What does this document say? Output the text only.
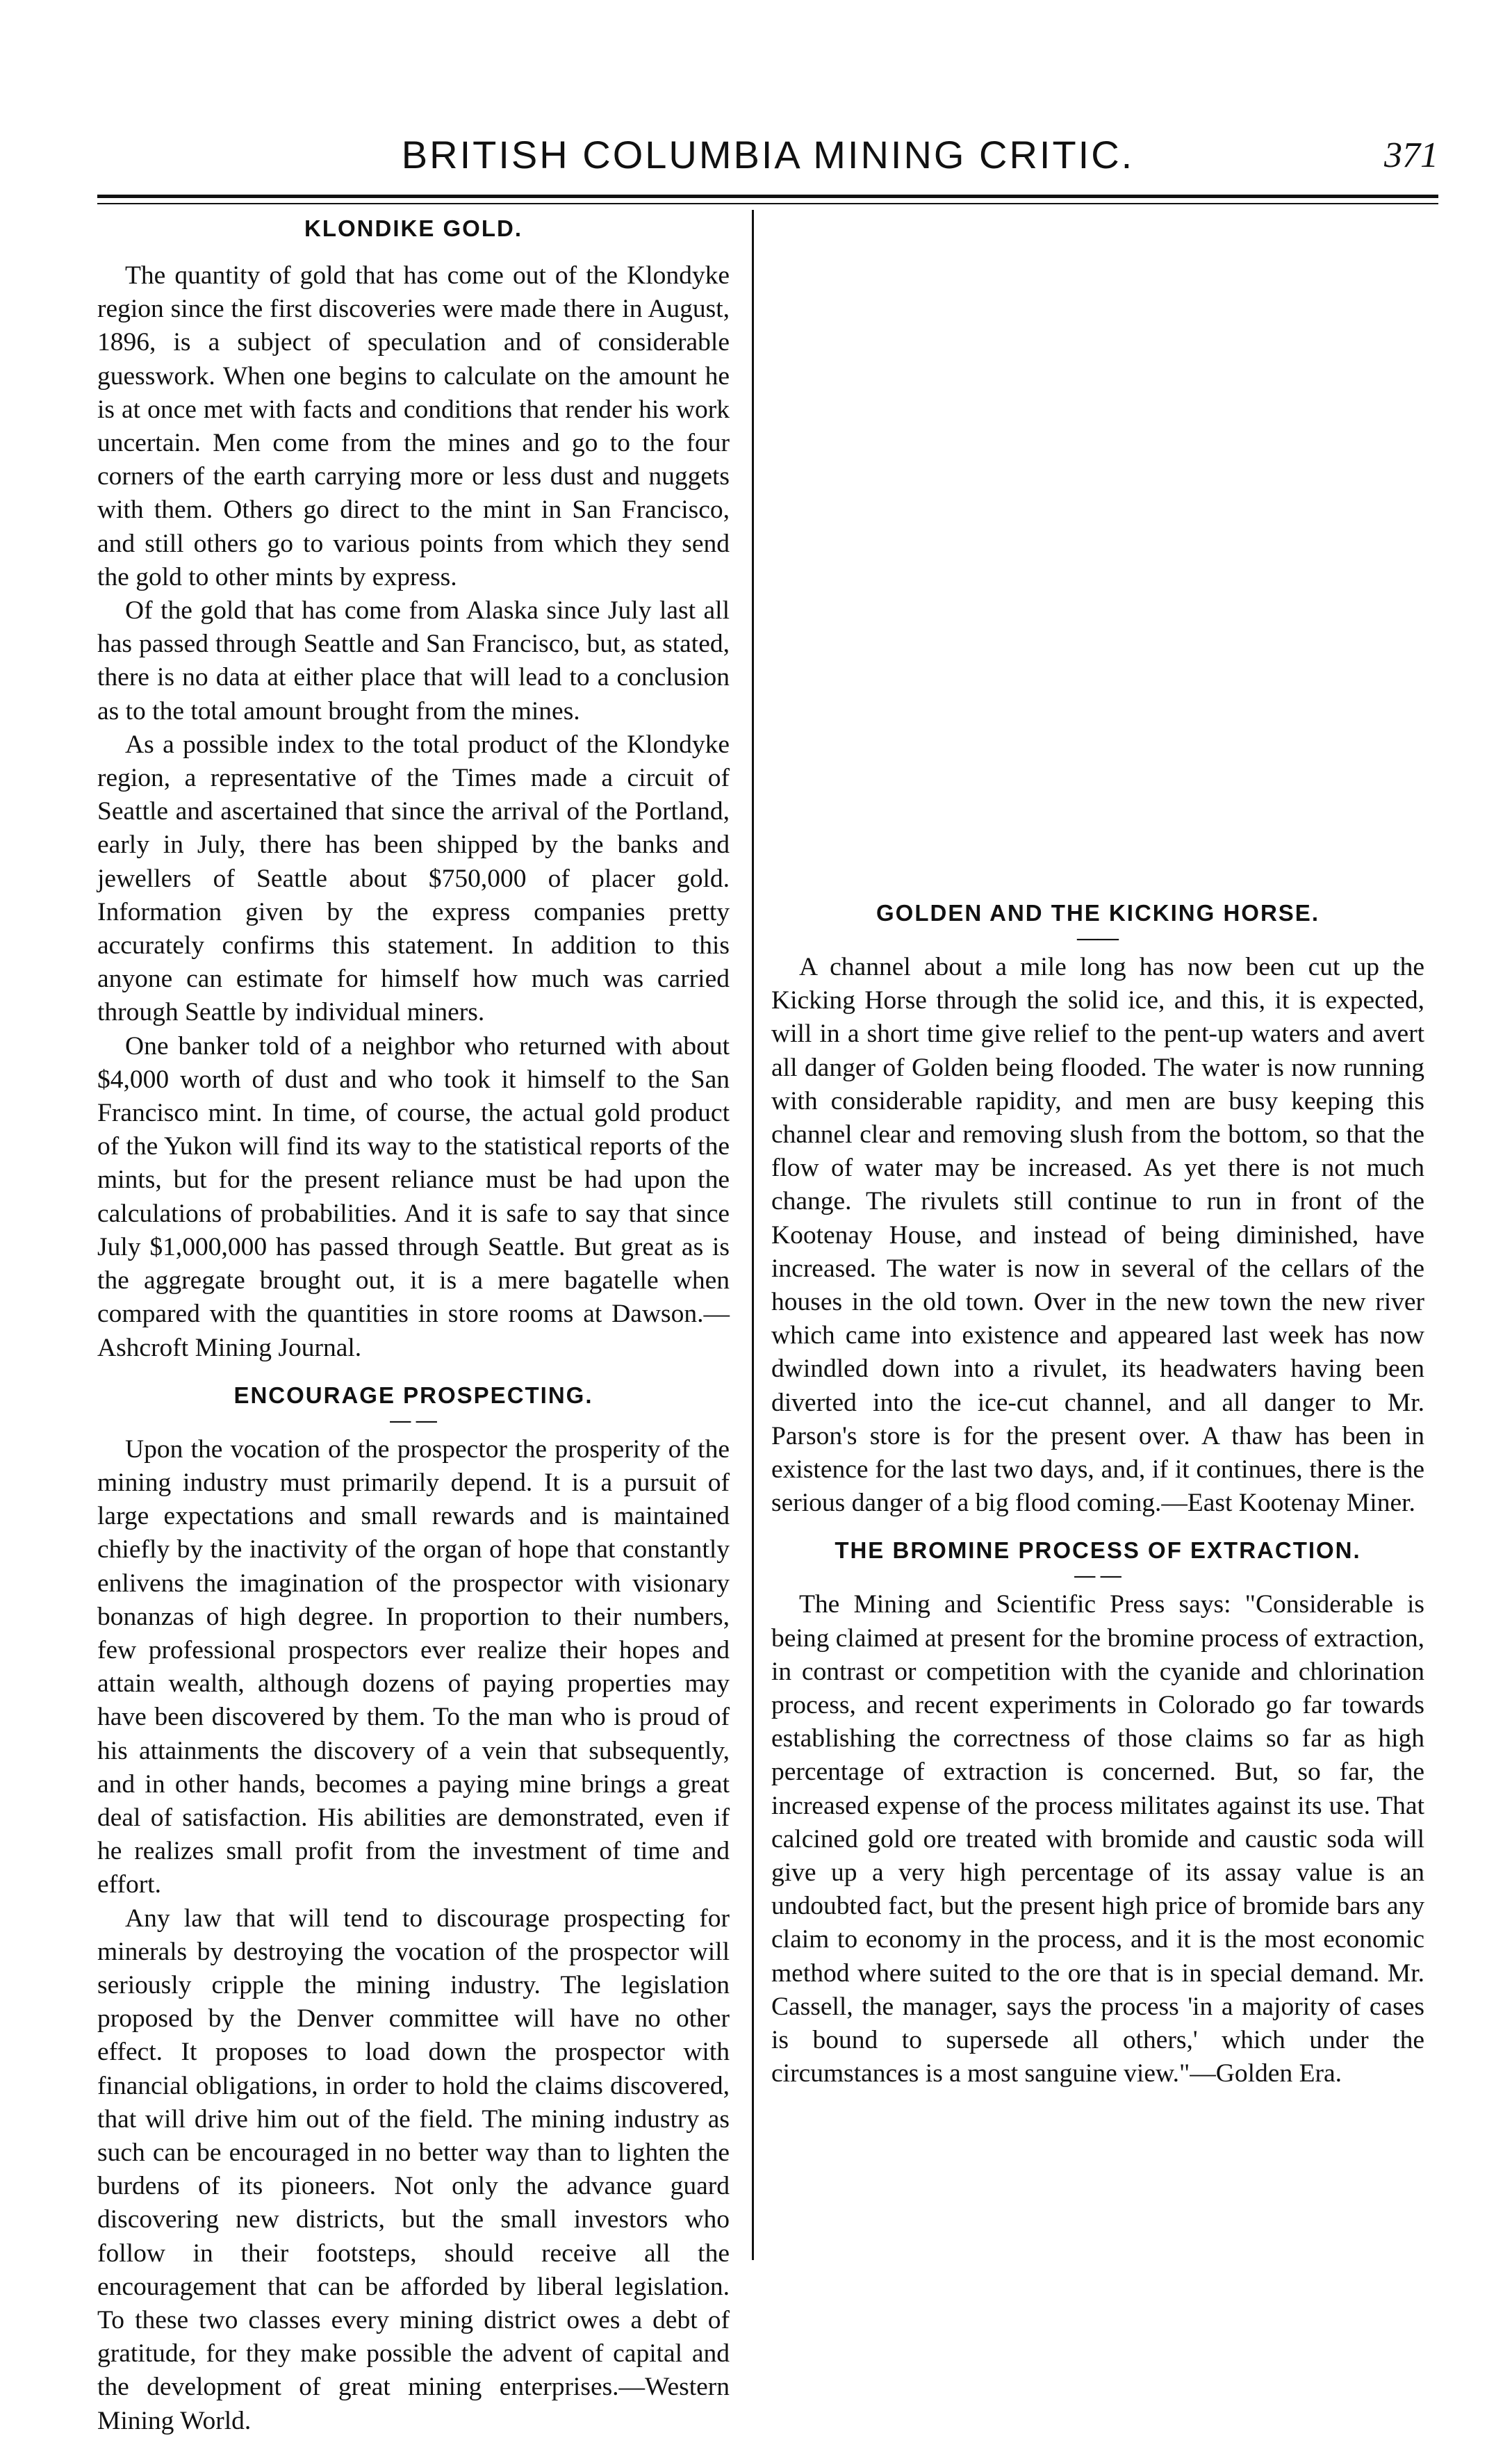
BRITISH COLUMBIA MINING CRITIC.	371
KLONDIKE GOLD.

The quantity of gold that has come out of the Klondyke region since the first discoveries were made there in August, 1896, is a subject of speculation and of considerable guesswork. When one begins to calculate on the amount he is at once met with facts and conditions that render his work uncertain. Men come from the mines and go to the four corners of the earth carrying more or less dust and nuggets with them. Others go direct to the mint in San Francisco, and still others go to various points from which they send the gold to other mints by express.

Of the gold that has come from Alaska since July last all has passed through Seattle and San Francisco, but, as stated, there is no data at either place that will lead to a conclusion as to the total amount brought from the mines.

As a possible index to the total product of the Klondyke region, a representative of the Times made a circuit of Seattle and ascertained that since the arrival of the Portland, early in July, there has been shipped by the banks and jewellers of Seattle about $750,000 of placer gold. Information given by the express companies pretty accurately confirms this statement. In addition to this anyone can estimate for himself how much was carried through Seattle by individual miners.

One banker told of a neighbor who returned with about $4,000 worth of dust and who took it himself to the San Francisco mint. In time, of course, the actual gold product of the Yukon will find its way to the statistical reports of the mints, but for the present reliance must be had upon the calculations of probabilities. And it is safe to say that since July $1,000,000 has passed through Seattle. But great as is the aggregate brought out, it is a mere bagatelle when compared with the quantities in store rooms at Dawson.—Ashcroft Mining Journal.

ENCOURAGE PROSPECTING.
— —

Upon the vocation of the prospector the prosperity of the mining industry must primarily depend. It is a pursuit of large expectations and small rewards and is maintained chiefly by the inactivity of the organ of hope that constantly enlivens the imagination of the prospector with visionary bonanzas of high degree. In proportion to their numbers, few professional prospectors ever realize their hopes and attain wealth, although dozens of paying properties may have been discovered by them. To the man who is proud of his attainments the discovery of a vein that subsequently, and in other hands, becomes a paying mine brings a great deal of satisfaction. His abilities are demonstrated, even if he realizes small profit from the investment of time and effort.

Any law that will tend to discourage prospecting for minerals by destroying the vocation of the prospector will seriously cripple the mining industry. The legislation proposed by the Denver committee will have no other effect. It proposes to load down the prospector with financial obligations, in order to hold the claims discovered, that will drive him out of the field. The mining industry as such can be encouraged in no better way than to lighten the burdens of its pioneers. Not only the advance guard discovering new districts, but the small investors who follow in their footsteps, should receive all the encouragement that can be afforded by liberal legislation. To these two classes every mining district owes a debt of gratitude, for they make possible the advent of capital and the development of great mining enterprises.—Western Mining World.

GOLDEN AND THE KICKING HORSE.
——

A channel about a mile long has now been cut up the Kicking Horse through the solid ice, and this, it is expected, will in a short time give relief to the pent-up waters and avert all danger of Golden being flooded. The water is now running with considerable rapidity, and men are busy keeping this channel clear and removing slush from the bottom, so that the flow of water may be increased. As yet there is not much change. The rivulets still continue to run in front of the Kootenay House, and instead of being diminished, have increased. The water is now in several of the cellars of the houses in the old town. Over in the new town the new river which came into existence and appeared last week has now dwindled down into a rivulet, its headwaters having been diverted into the ice-cut channel, and all danger to Mr. Parson's store is for the present over. A thaw has been in existence for the last two days, and, if it continues, there is the serious danger of a big flood coming.—East Kootenay Miner.

THE BROMINE PROCESS OF EXTRACTION.
— —

The Mining and Scientific Press says: "Considerable is being claimed at present for the bromine process of extraction, in contrast or competition with the cyanide and chlorination process, and recent experiments in Colorado go far towards establishing the correctness of those claims so far as high percentage of extraction is concerned. But, so far, the increased expense of the process militates against its use. That calcined gold ore treated with bromide and caustic soda will give up a very high percentage of its assay value is an undoubted fact, but the present high price of bromide bars any claim to economy in the process, and it is the most economic method where suited to the ore that is in special demand. Mr. Cassell, the manager, says the process 'in a majority of cases is bound to supersede all others,' which under the circumstances is a most sanguine view."—Golden Era.
